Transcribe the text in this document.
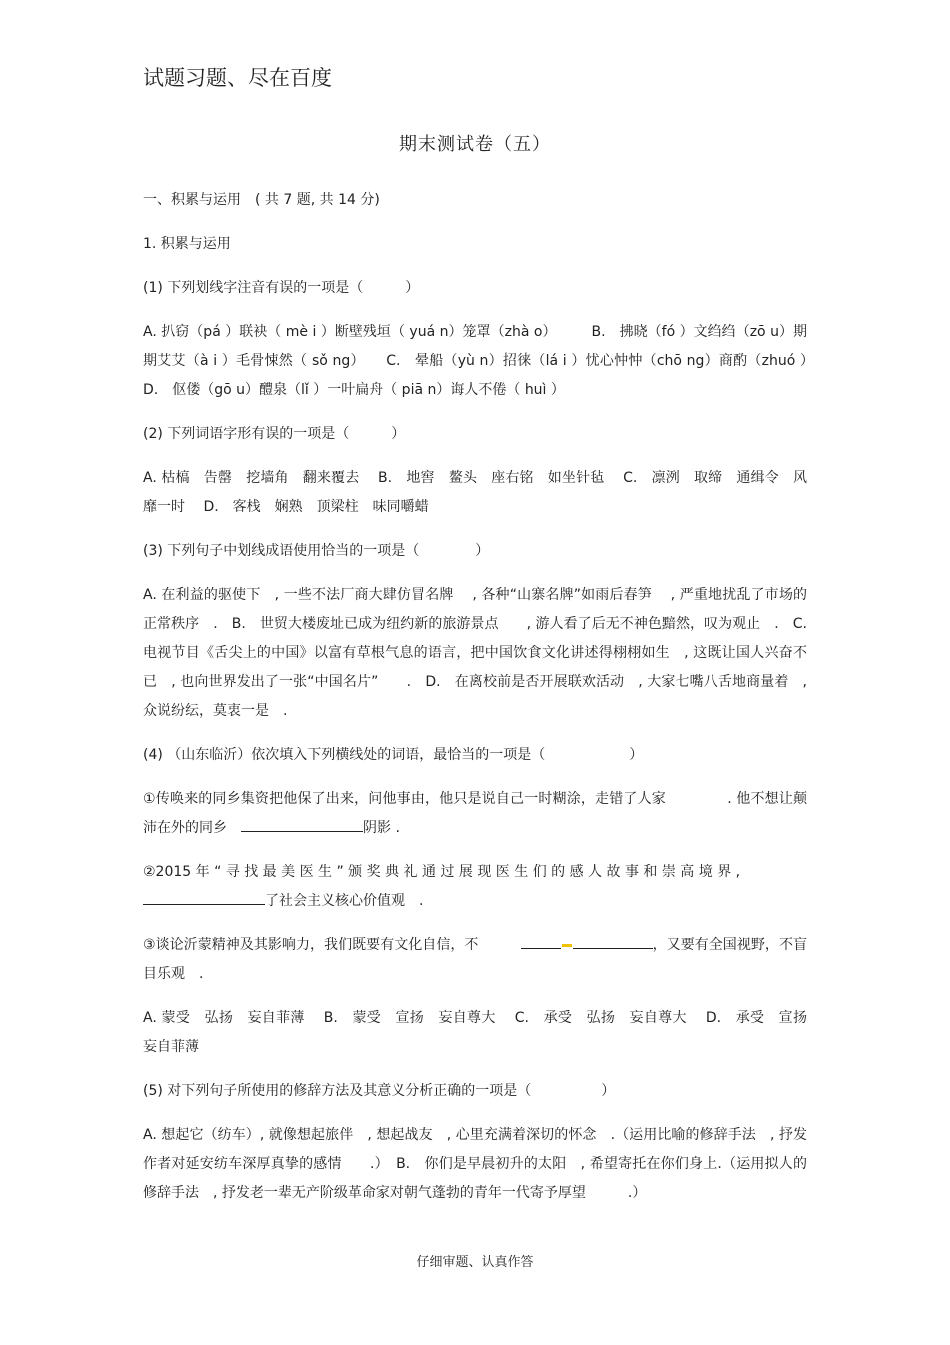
试题习题、尽在百度
期末测试卷（五）

一、积累与运用　( 共 7 题, 共 14 分)

1. 积累与运用

(1) 下列划线字注音有误的一项是（　　　）

A. 扒窃（pá ）联袂（ mè i ）断壁残垣（ yuá n）笼罩（zhà o）　　　B.　拂晓（fó ）文绉绉（zō u）期期艾艾（à i ）毛骨悚然（ sǒ ng）　　C.　晕船（yù n）招徕（lá i ）忧心忡忡（chō ng）商酌（zhuó ）　D.　伛偻（gō u）醴泉（lǐ ）一叶扁舟（ piā n）诲人不倦（ huì ）

(2) 下列词语字形有误的一项是（　　　）

A. 枯槁　告罄　挖墙角　翻来覆去　 B.　地窖　鳌头　座右铭　如坐针毡　 C.　凛洌　取缔　通缉令　风靡一时　 D.　客栈　娴熟　顶梁柱　味同嚼蜡

(3) 下列句子中划线成语使用恰当的一项是（　　　　）

A. 在利益的驱使下　, 一些不法厂商大肆仿冒名牌　 , 各种“山寨名牌”如雨后春笋　 , 严重地扰乱了市场的正常秩序　.　B.　世贸大楼废址已成为纽约新的旅游景点　　, 游人看了后无不神色黯然，叹为观止　.　C.　电视节目《舌尖上的中国》以富有草根气息的语言，把中国饮食文化讲述得栩栩如生　, 这既让国人兴奋不已　, 也向世界发出了一张“中国名片”　　.　D.　在离校前是否开展联欢活动　, 大家七嘴八舌地商量着　, 众说纷纭，莫衷一是　.

(4) （山东临沂）依次填入下列横线处的词语，最恰当的一项是（　　　　　　）

①传唤来的同乡集资把他保了出来，问他事由，他只是说自己一时糊涂，走错了人家　　　　 . 他不想让颠沛在外的同乡　	阴影 .

②2015 年 “ 寻 找 最 美 医 生 ” 颁 奖 典 礼 通 过 展 现 医 生 们 的 感 人 故 事 和 崇 高 境 界 ,
了社会主义核心价值观　.

③谈论沂蒙精神及其影响力，我们既要有文化自信，不　　　	，又要有全国视野，不盲目乐观　.

A. 蒙受　弘扬　妄自菲薄　 B.　蒙受　宣扬　妄自尊大　 C.　承受　弘扬　妄自尊大　 D.　承受　宣扬　妄自菲薄

(5) 对下列句子所使用的修辞方法及其意义分析正确的一项是（　　　　　）

A. 想起它（纺车）, 就像想起旅伴　, 想起战友　, 心里充满着深切的怀念　.（运用比喻的修辞手法　, 抒发作者对延安纺车深厚真挚的感情　　.）　B.　你们是早晨初升的太阳　, 希望寄托在你们身上.（运用拟人的修辞手法　, 抒发老一辈无产阶级革命家对朝气蓬勃的青年一代寄予厚望　　　.）

仔细审题、认真作答
